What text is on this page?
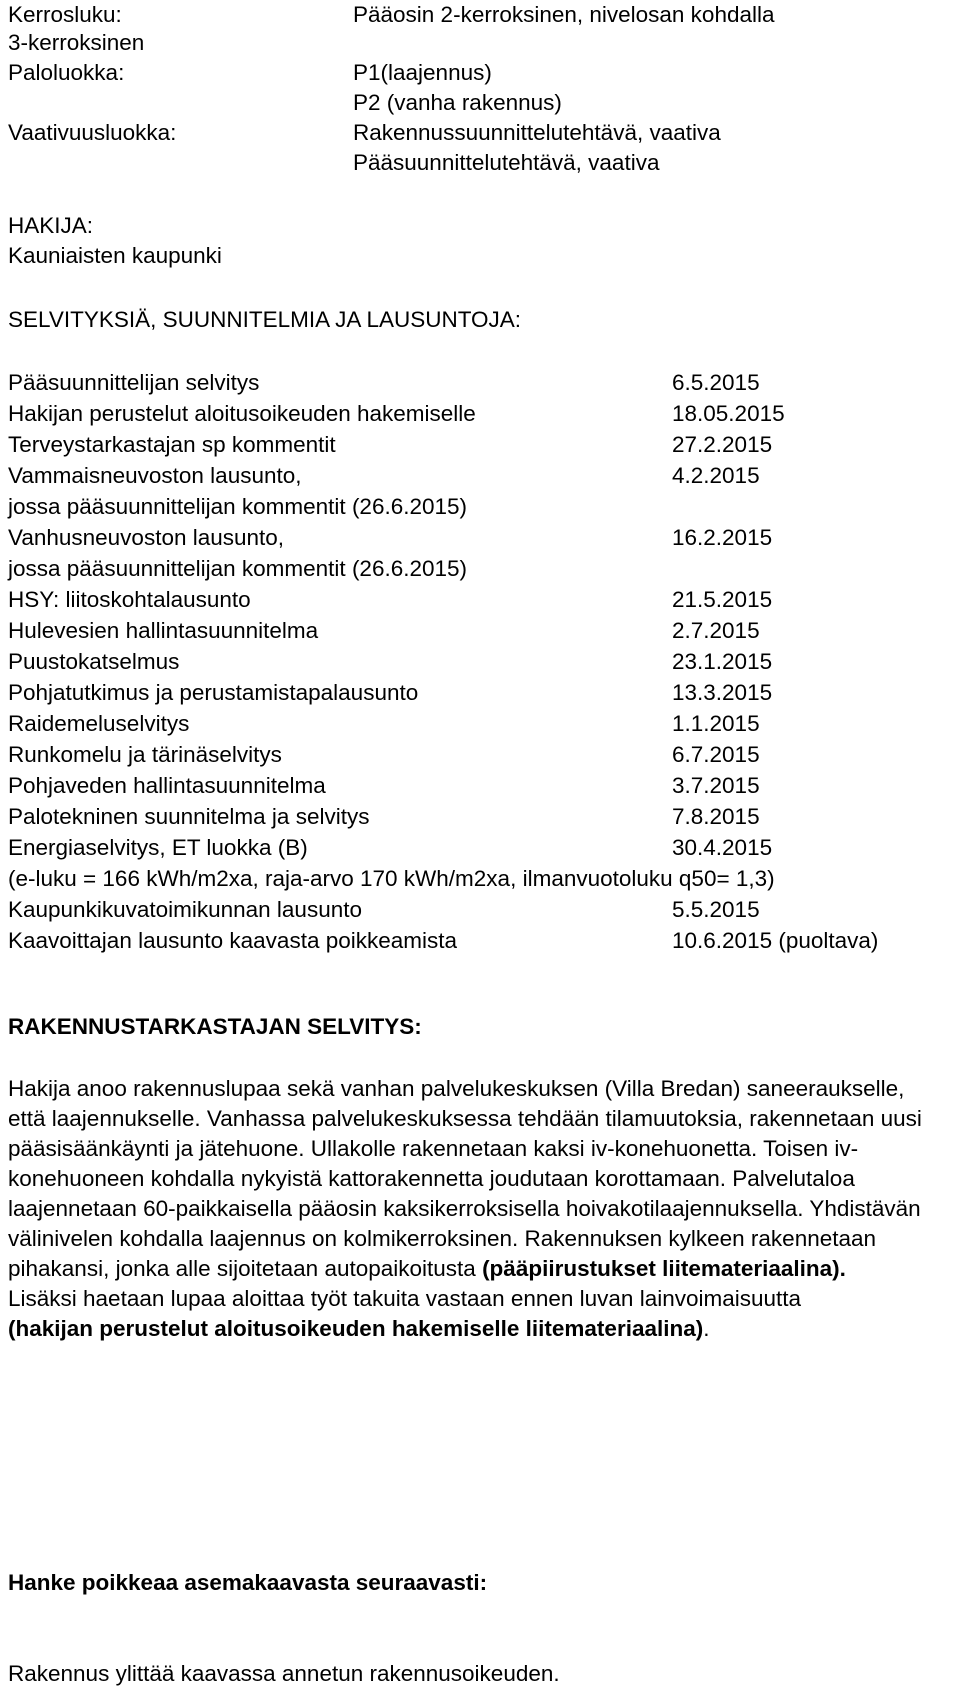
Kerrosluku:	Pääosin 2-kerroksinen, nivelosan kohdalla
3-kerroksinen
Paloluokka:	P1(laajennus)
P2 (vanha rakennus)
Vaativuusluokka:	Rakennussuunnittelutehtävä, vaativa
Pääsuunnittelutehtävä, vaativa
HAKIJA:
Kauniaisten kaupunki
SELVITYKSIÄ, SUUNNITELMIA JA LAUSUNTOJA:
Pääsuunnittelijan selvitys	6.5.2015
Hakijan perustelut aloitusoikeuden hakemiselle	18.05.2015
Terveystarkastajan sp kommentit	27.2.2015
Vammaisneuvoston lausunto,	4.2.2015
jossa pääsuunnittelijan kommentit (26.6.2015)
Vanhusneuvoston lausunto,	16.2.2015
jossa pääsuunnittelijan kommentit (26.6.2015)
HSY: liitoskohtalausunto	21.5.2015
Hulevesien hallintasuunnitelma	2.7.2015
Puustokatselmus	23.1.2015
Pohjatutkimus ja perustamistapalausunto	13.3.2015
Raidemeluselvitys	1.1.2015
Runkomelu ja tärinäselvitys	6.7.2015
Pohjaveden hallintasuunnitelma	3.7.2015
Palotekninen suunnitelma ja selvitys	7.8.2015
Energiaselvitys, ET luokka (B)	30.4.2015
(e-luku = 166 kWh/m2xa, raja-arvo 170 kWh/m2xa, ilmanvuotoluku q50= 1,3)
Kaupunkikuvatoimikunnan lausunto	5.5.2015
Kaavoittajan lausunto kaavasta poikkeamista	10.6.2015 (puoltava)
RAKENNUSTARKASTAJAN SELVITYS:

Hakija anoo rakennuslupaa sekä vanhan palvelukeskuksen (Villa Bredan) saneeraukselle, että laajennukselle. Vanhassa palvelukeskuksessa tehdään tilamuutoksia, rakennetaan uusi pääsisäänkäynti ja jätehuone. Ullakolle rakennetaan kaksi iv-konehuonetta. Toisen iv-konehuoneen kohdalla nykyistä kattorakennetta joudutaan korottamaan. Palvelutaloa laajennetaan 60-paikkaisella pääosin kaksikerroksisella hoivakotilaajennuksella. Yhdistävän välinivelen kohdalla laajennus on kolmikerroksinen. Rakennuksen kylkeen rakennetaan pihakansi, jonka alle sijoitetaan autopaikoitusta (pääpiirustukset liitemateriaalina).

Lisäksi haetaan lupaa aloittaa työt takuita vastaan ennen luvan lainvoimaisuutta
(hakijan perustelut aloitusoikeuden hakemiselle liitemateriaalina).

Hanke poikkeaa asemakaavasta seuraavasti:
Rakennus ylittää kaavassa annetun rakennusoikeuden.
